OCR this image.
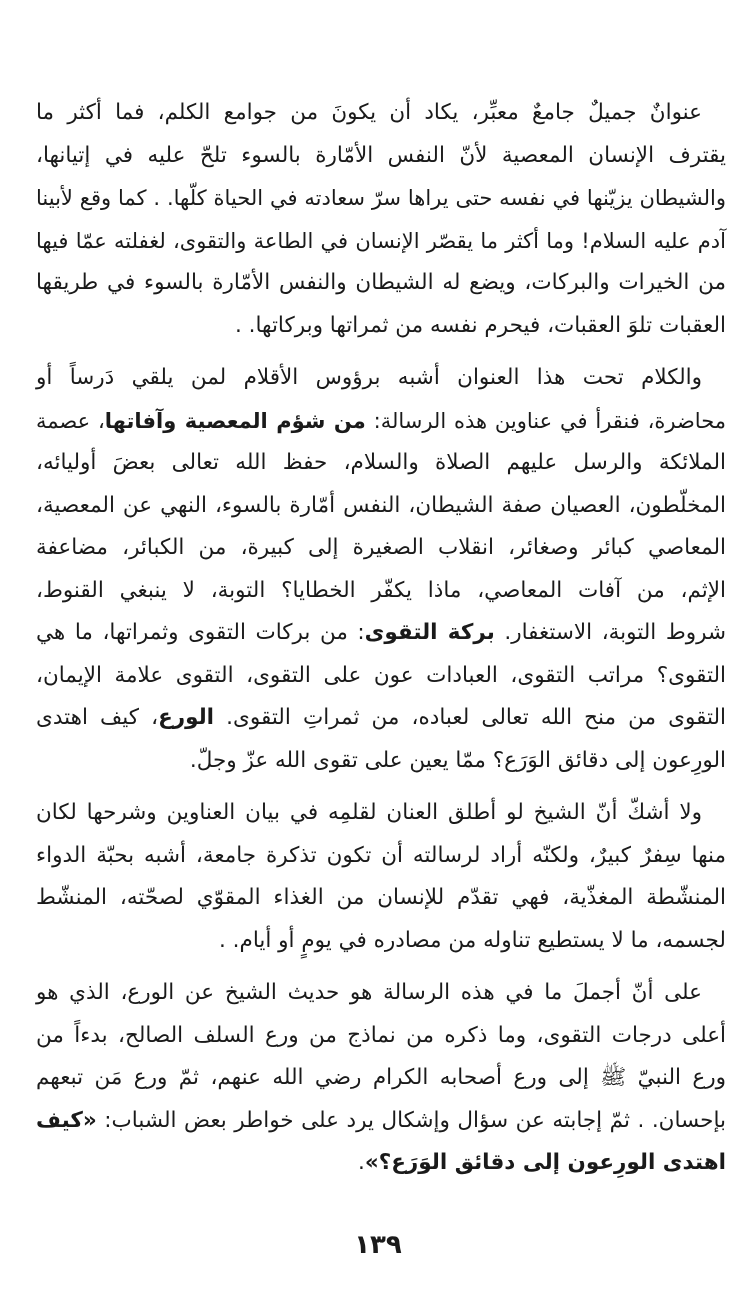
عنوانٌ جميلٌ جامعٌ معبِّر، يكاد أن يكونَ من جوامع الكلم، فما أكثر ما
يقترف الإنسان المعصية لأنّ النفس الأمّارة بالسوء تلحّ عليه في إتيانها،
والشيطان يزيّنها في نفسه حتى يراها سرّ سعادته في الحياة كلّها. . كما وقع لأبينا
آدم عليه السلام! وما أكثر ما يقصّر الإنسان في الطاعة والتقوى، لغفلته عمّا فيها
من الخيرات والبركات، ويضع له الشيطان والنفس الأمّارة بالسوء في طريقها
العقبات تلوَ العقبات، فيحرم نفسه من ثمراتها وبركاتها. .

والكلام تحت هذا العنوان أشبه برؤوس الأقلام لمن يلقي دَرساً أو
محاضرة، فنقرأ في عناوين هذه الرسالة: من شؤم المعصية وآفاتها، عصمة
الملائكة والرسل عليهم الصلاة والسلام، حفظ الله تعالى بعضَ أوليائه،
المخلّطون، العصيان صفة الشيطان، النفس أمّارة بالسوء، النهي عن المعصية،
المعاصي كبائر وصغائر، انقلاب الصغيرة إلى كبيرة، من الكبائر، مضاعفة
الإثم، من آفات المعاصي، ماذا يكفّر الخطايا؟ التوبة، لا ينبغي القنوط،
شروط التوبة، الاستغفار. بركة التقوى: من بركات التقوى وثمراتها، ما هي
التقوى؟ مراتب التقوى، العبادات عون على التقوى، التقوى علامة الإيمان،
التقوى من منح الله تعالى لعباده، من ثمراتِ التقوى. الورع، كيف اهتدى
الورِعون إلى دقائق الوَرَع؟ ممّا يعين على تقوى الله عزّ وجلّ.

ولا أشكّ أنّ الشيخ لو أطلق العنان لقلمِه في بيان العناوين وشرحها لكان
منها سِفرٌ كبيرٌ، ولكنّه أراد لرسالته أن تكون تذكرة جامعة، أشبه بحبّة الدواء
المنشّطة المغذّية، فهي تقدّم للإنسان من الغذاء المقوّي لصحّته، المنشّط
لجسمه، ما لا يستطيع تناوله من مصادره في يومٍ أو أيام. .

على أنّ أجملَ ما في هذه الرسالة هو حديث الشيخ عن الورع، الذي هو
أعلى درجات التقوى، وما ذكره من نماذج من ورع السلف الصالح، بدءاً من
ورع النبيّ ﷺ إلى ورع أصحابه الكرام رضي الله عنهم، ثمّ ورع مَن تبعهم
بإحسان. . ثمّ إجابته عن سؤال وإشكال يرد على خواطر بعض الشباب: «كيف
اهتدى الورِعون إلى دقائق الوَرَع؟».

١٣٩
